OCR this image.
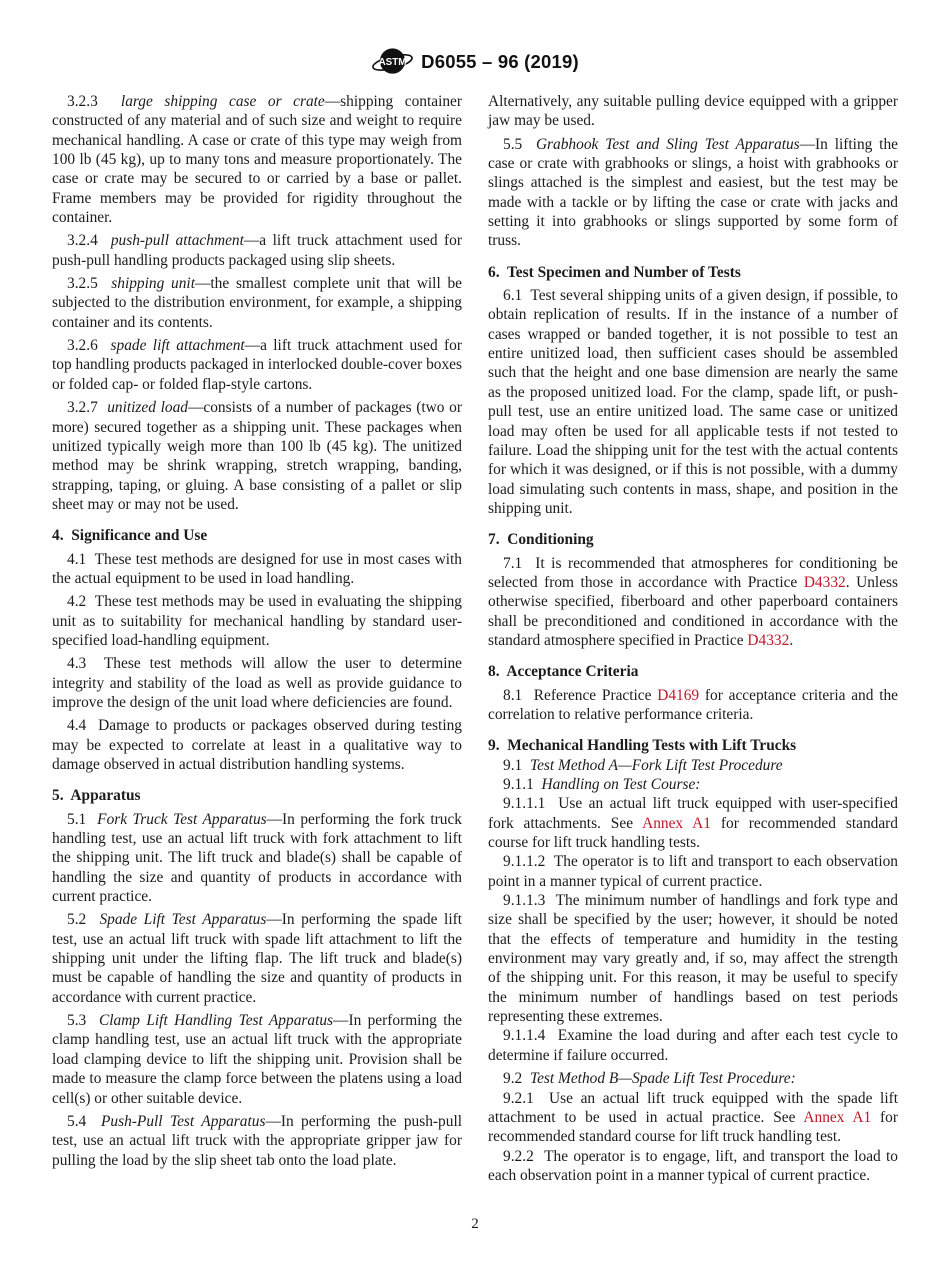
ASTM D6055 – 96 (2019)

3.2.3  large shipping case or crate—shipping container constructed of any material and of such size and weight to require mechanical handling. A case or crate of this type may weigh from 100 lb (45 kg), up to many tons and measure proportionately. The case or crate may be secured to or carried by a base or pallet. Frame members may be provided for rigidity throughout the container.

3.2.4  push-pull attachment—a lift truck attachment used for push-pull handling products packaged using slip sheets.

3.2.5  shipping unit—the smallest complete unit that will be subjected to the distribution environment, for example, a shipping container and its contents.

3.2.6  spade lift attachment—a lift truck attachment used for top handling products packaged in interlocked double-cover boxes or folded cap- or folded flap-style cartons.

3.2.7  unitized load—consists of a number of packages (two or more) secured together as a shipping unit. These packages when unitized typically weigh more than 100 lb (45 kg). The unitized method may be shrink wrapping, stretch wrapping, banding, strapping, taping, or gluing. A base consisting of a pallet or slip sheet may or may not be used.

4.  Significance and Use

4.1  These test methods are designed for use in most cases with the actual equipment to be used in load handling.

4.2  These test methods may be used in evaluating the shipping unit as to suitability for mechanical handling by standard user-specified load-handling equipment.

4.3  These test methods will allow the user to determine integrity and stability of the load as well as provide guidance to improve the design of the unit load where deficiencies are found.

4.4  Damage to products or packages observed during testing may be expected to correlate at least in a qualitative way to damage observed in actual distribution handling systems.

5.  Apparatus

5.1  Fork Truck Test Apparatus—In performing the fork truck handling test, use an actual lift truck with fork attachment to lift the shipping unit. The lift truck and blade(s) shall be capable of handling the size and quantity of products in accordance with current practice.

5.2  Spade Lift Test Apparatus—In performing the spade lift test, use an actual lift truck with spade lift attachment to lift the shipping unit under the lifting flap. The lift truck and blade(s) must be capable of handling the size and quantity of products in accordance with current practice.

5.3  Clamp Lift Handling Test Apparatus—In performing the clamp handling test, use an actual lift truck with the appropriate load clamping device to lift the shipping unit. Provision shall be made to measure the clamp force between the platens using a load cell(s) or other suitable device.

5.4  Push-Pull Test Apparatus—In performing the push-pull test, use an actual lift truck with the appropriate gripper jaw for pulling the load by the slip sheet tab onto the load plate.

Alternatively, any suitable pulling device equipped with a gripper jaw may be used.

5.5  Grabhook Test and Sling Test Apparatus—In lifting the case or crate with grabhooks or slings, a hoist with grabhooks or slings attached is the simplest and easiest, but the test may be made with a tackle or by lifting the case or crate with jacks and setting it into grabhooks or slings supported by some form of truss.

6.  Test Specimen and Number of Tests

6.1  Test several shipping units of a given design, if possible, to obtain replication of results. If in the instance of a number of cases wrapped or banded together, it is not possible to test an entire unitized load, then sufficient cases should be assembled such that the height and one base dimension are nearly the same as the proposed unitized load. For the clamp, spade lift, or push-pull test, use an entire unitized load. The same case or unitized load may often be used for all applicable tests if not tested to failure. Load the shipping unit for the test with the actual contents for which it was designed, or if this is not possible, with a dummy load simulating such contents in mass, shape, and position in the shipping unit.

7.  Conditioning

7.1  It is recommended that atmospheres for conditioning be selected from those in accordance with Practice D4332. Unless otherwise specified, fiberboard and other paperboard containers shall be preconditioned and conditioned in accordance with the standard atmosphere specified in Practice D4332.

8.  Acceptance Criteria

8.1  Reference Practice D4169 for acceptance criteria and the correlation to relative performance criteria.

9.  Mechanical Handling Tests with Lift Trucks

9.1  Test Method A—Fork Lift Test Procedure

9.1.1  Handling on Test Course:

9.1.1.1  Use an actual lift truck equipped with user-specified fork attachments. See Annex A1 for recommended standard course for lift truck handling tests.

9.1.1.2  The operator is to lift and transport to each observation point in a manner typical of current practice.

9.1.1.3  The minimum number of handlings and fork type and size shall be specified by the user; however, it should be noted that the effects of temperature and humidity in the testing environment may vary greatly and, if so, may affect the strength of the shipping unit. For this reason, it may be useful to specify the minimum number of handlings based on test periods representing these extremes.

9.1.1.4  Examine the load during and after each test cycle to determine if failure occurred.

9.2  Test Method B—Spade Lift Test Procedure:

9.2.1  Use an actual lift truck equipped with the spade lift attachment to be used in actual practice. See Annex A1 for recommended standard course for lift truck handling test.

9.2.2  The operator is to engage, lift, and transport the load to each observation point in a manner typical of current practice.

2
